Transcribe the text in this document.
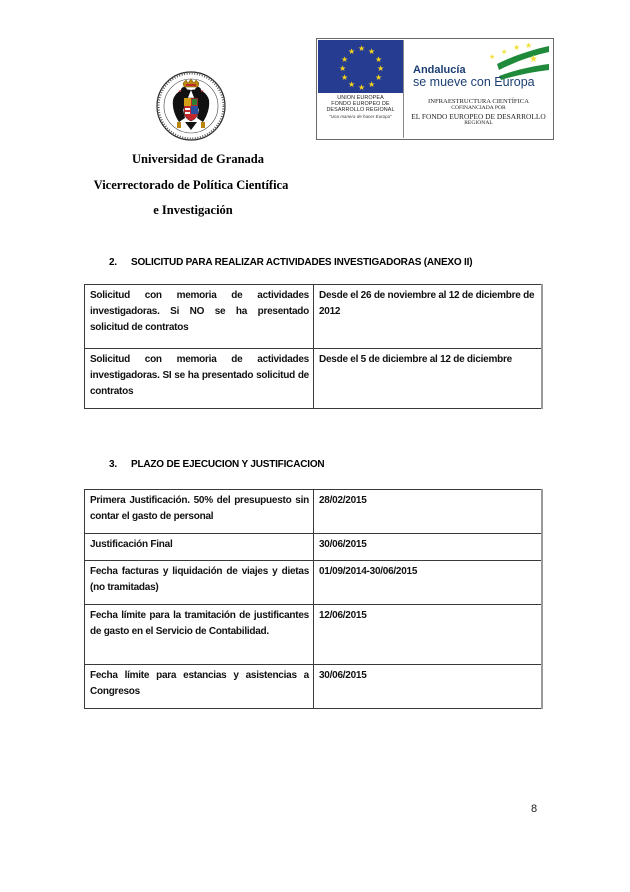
★ ★
★
★
★
★
★
★
★
★
★
★
UNION EUROPEA
FONDO EUROPEO DE
DESARROLLO REGIONAL
"Una manera de hacer Europa"
★
★ ★ ★
★
Andalucía
se mueve con Europa
INFRAESTRUCTURA CIENTÍFICA
COFINANCIADA POR
EL FONDO EUROPEO DE DESARROLLO
REGIONAL
Universidad de Granada
Vicerrectorado de Política Científica
e Investigación
2. SOLICITUD PARA REALIZAR ACTIVIDADES INVESTIGADORAS (ANEXO II)
Solicitud con memoria de actividades investigadoras. Si NO se ha presentado solicitud de contratos	Desde el 26 de noviembre al 12 de diciembre de 2012
Solicitud con memoria de actividades investigadoras. SI se ha presentado solicitud de contratos	Desde el 5 de diciembre al 12 de diciembre
3. PLAZO DE EJECUCION Y JUSTIFICACION
Primera Justificación. 50% del presupuesto sin contar el gasto de personal	28/02/2015
Justificación Final	30/06/2015
Fecha facturas y liquidación de viajes y dietas (no tramitadas)	01/09/2014-30/06/2015
Fecha límite para la tramitación de justificantes de gasto en el Servicio de Contabilidad.	12/06/2015
Fecha límite para estancias y asistencias a Congresos	30/06/2015
8
